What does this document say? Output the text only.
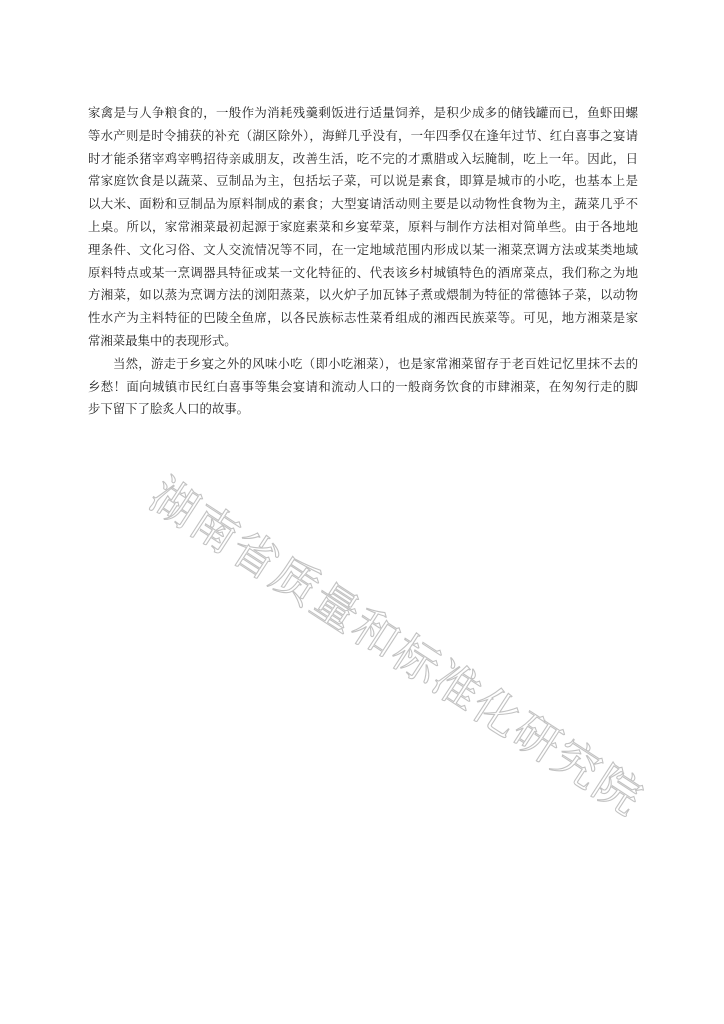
家禽是与人争粮食的，一般作为消耗残羹剩饭进行适量饲养，是积少成多的储钱罐而已，鱼虾田螺
等水产则是时令捕获的补充（湖区除外），海鲜几乎没有，一年四季仅在逢年过节、红白喜事之宴请
时才能杀猪宰鸡宰鸭招待亲戚朋友，改善生活，吃不完的才熏腊或入坛腌制，吃上一年。因此，日
常家庭饮食是以蔬菜、豆制品为主，包括坛子菜，可以说是素食，即算是城市的小吃，也基本上是
以大米、面粉和豆制品为原料制成的素食；大型宴请活动则主要是以动物性食物为主，蔬菜几乎不
上桌。所以，家常湘菜最初起源于家庭素菜和乡宴荤菜，原料与制作方法相对简单些。由于各地地
理条件、文化习俗、文人交流情况等不同，在一定地域范围内形成以某一湘菜烹调方法或某类地域
原料特点或某一烹调器具特征或某一文化特征的、代表该乡村城镇特色的酒席菜点，我们称之为地
方湘菜，如以蒸为烹调方法的浏阳蒸菜，以火炉子加瓦钵子煮或煨制为特征的常德钵子菜，以动物
性水产为主料特征的巴陵全鱼席，以各民族标志性菜肴组成的湘西民族菜等。可见，地方湘菜是家
常湘菜最集中的表现形式。
当然，游走于乡宴之外的风味小吃（即小吃湘菜），也是家常湘菜留存于老百姓记忆里抹不去的
乡愁！面向城镇市民红白喜事等集会宴请和流动人口的一般商务饮食的市肆湘菜，在匆匆行走的脚
步下留下了脍炙人口的故事。
湖南省质量和标准化研究院
